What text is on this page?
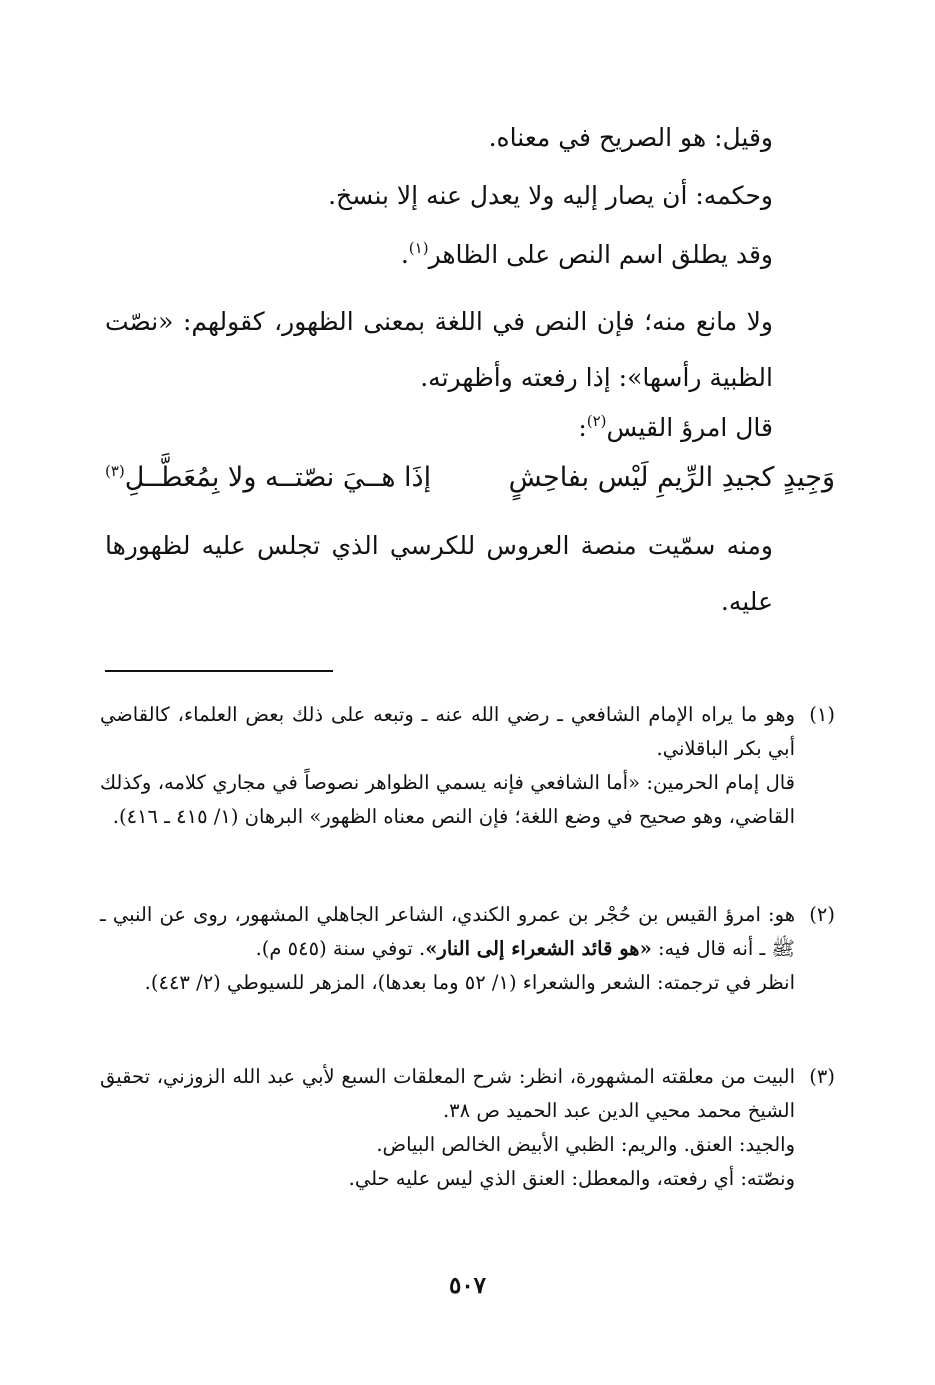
وقيل: هو الصريح في معناه.
وحكمه: أن يصار إليه ولا يعدل عنه إلا بنسخ.
وقد يطلق اسم النص على الظاهر$^{(١)}$.
ولا مانع منه؛ فإن النص في اللغة بمعنى الظهور، كقولهم: «نصّت الظبية رأسها»: إذا رفعته وأظهرته.
قال امرؤ القيس$^{(٢)}$:
وَجِيدٍ كجيدِ الرِّيمِ لَيْس بفاحِشٍ
إذَا هــيَ نصّتــه ولا بِمُعَطَّــلِ$^{(٣)}$
ومنه سمّيت منصة العروس للكرسي الذي تجلس عليه لظهورها عليه.
(١)
وهو ما يراه الإمام الشافعي ـ رضي الله عنه ـ وتبعه على ذلك بعض العلماء، كالقاضي أبي بكر الباقلاني.
قال إمام الحرمين: «أما الشافعي فإنه يسمي الظواهر نصوصاً في مجاري كلامه، وكذلك القاضي، وهو صحيح في وضع اللغة؛ فإن النص معناه الظهور» البرهان (١/ ٤١٥ ـ ٤١٦).
(٢)
هو: امرؤ القيس بن حُجْر بن عمرو الكندي، الشاعر الجاهلي المشهور، روى عن النبي ـ ﷺ ـ أنه قال فيه: «هو قائد الشعراء إلى النار». توفي سنة (٥٤٥ م).
انظر في ترجمته: الشعر والشعراء (١/ ٥٢ وما بعدها)، المزهر للسيوطي (٢/ ٤٤٣).
(٣)
البيت من معلقته المشهورة، انظر: شرح المعلقات السبع لأبي عبد الله الزوزني، تحقيق الشيخ محمد محيي الدين عبد الحميد ص ٣٨.
والجيد: العنق. والريم: الظبي الأبيض الخالص البياض.
ونصّته: أي رفعته، والمعطل: العنق الذي ليس عليه حلي.
٥٠٧
